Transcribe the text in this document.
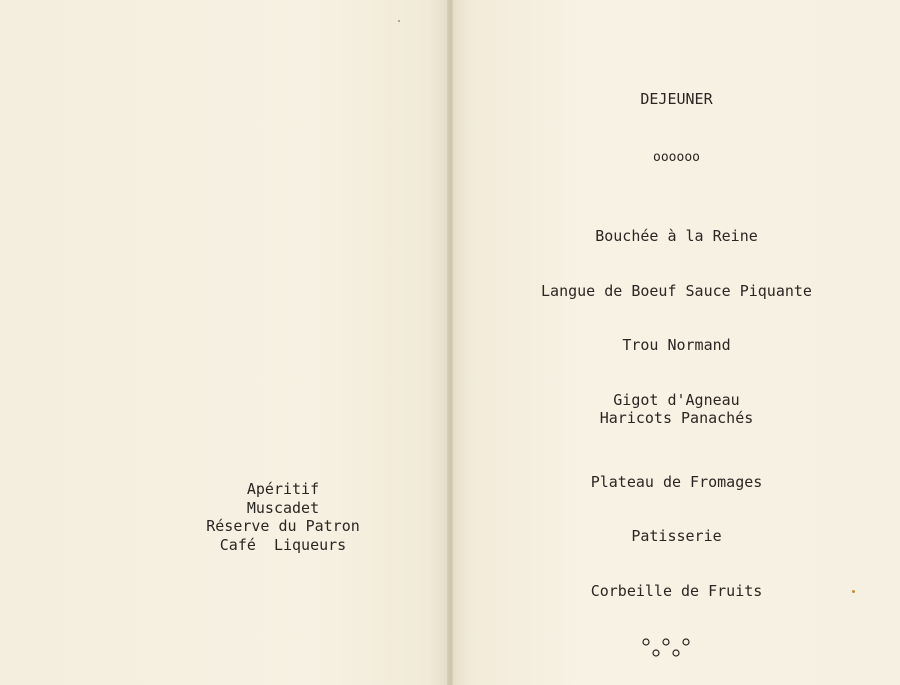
Apéritif
Muscadet
Réserve du Patron
Café  Liqueurs
DEJEUNER
oooooo
Bouchée à la Reine
Langue de Boeuf Sauce Piquante
Trou Normand
Gigot d'Agneau
Haricots Panachés
Plateau de Fromages
Patisserie
Corbeille de Fruits
